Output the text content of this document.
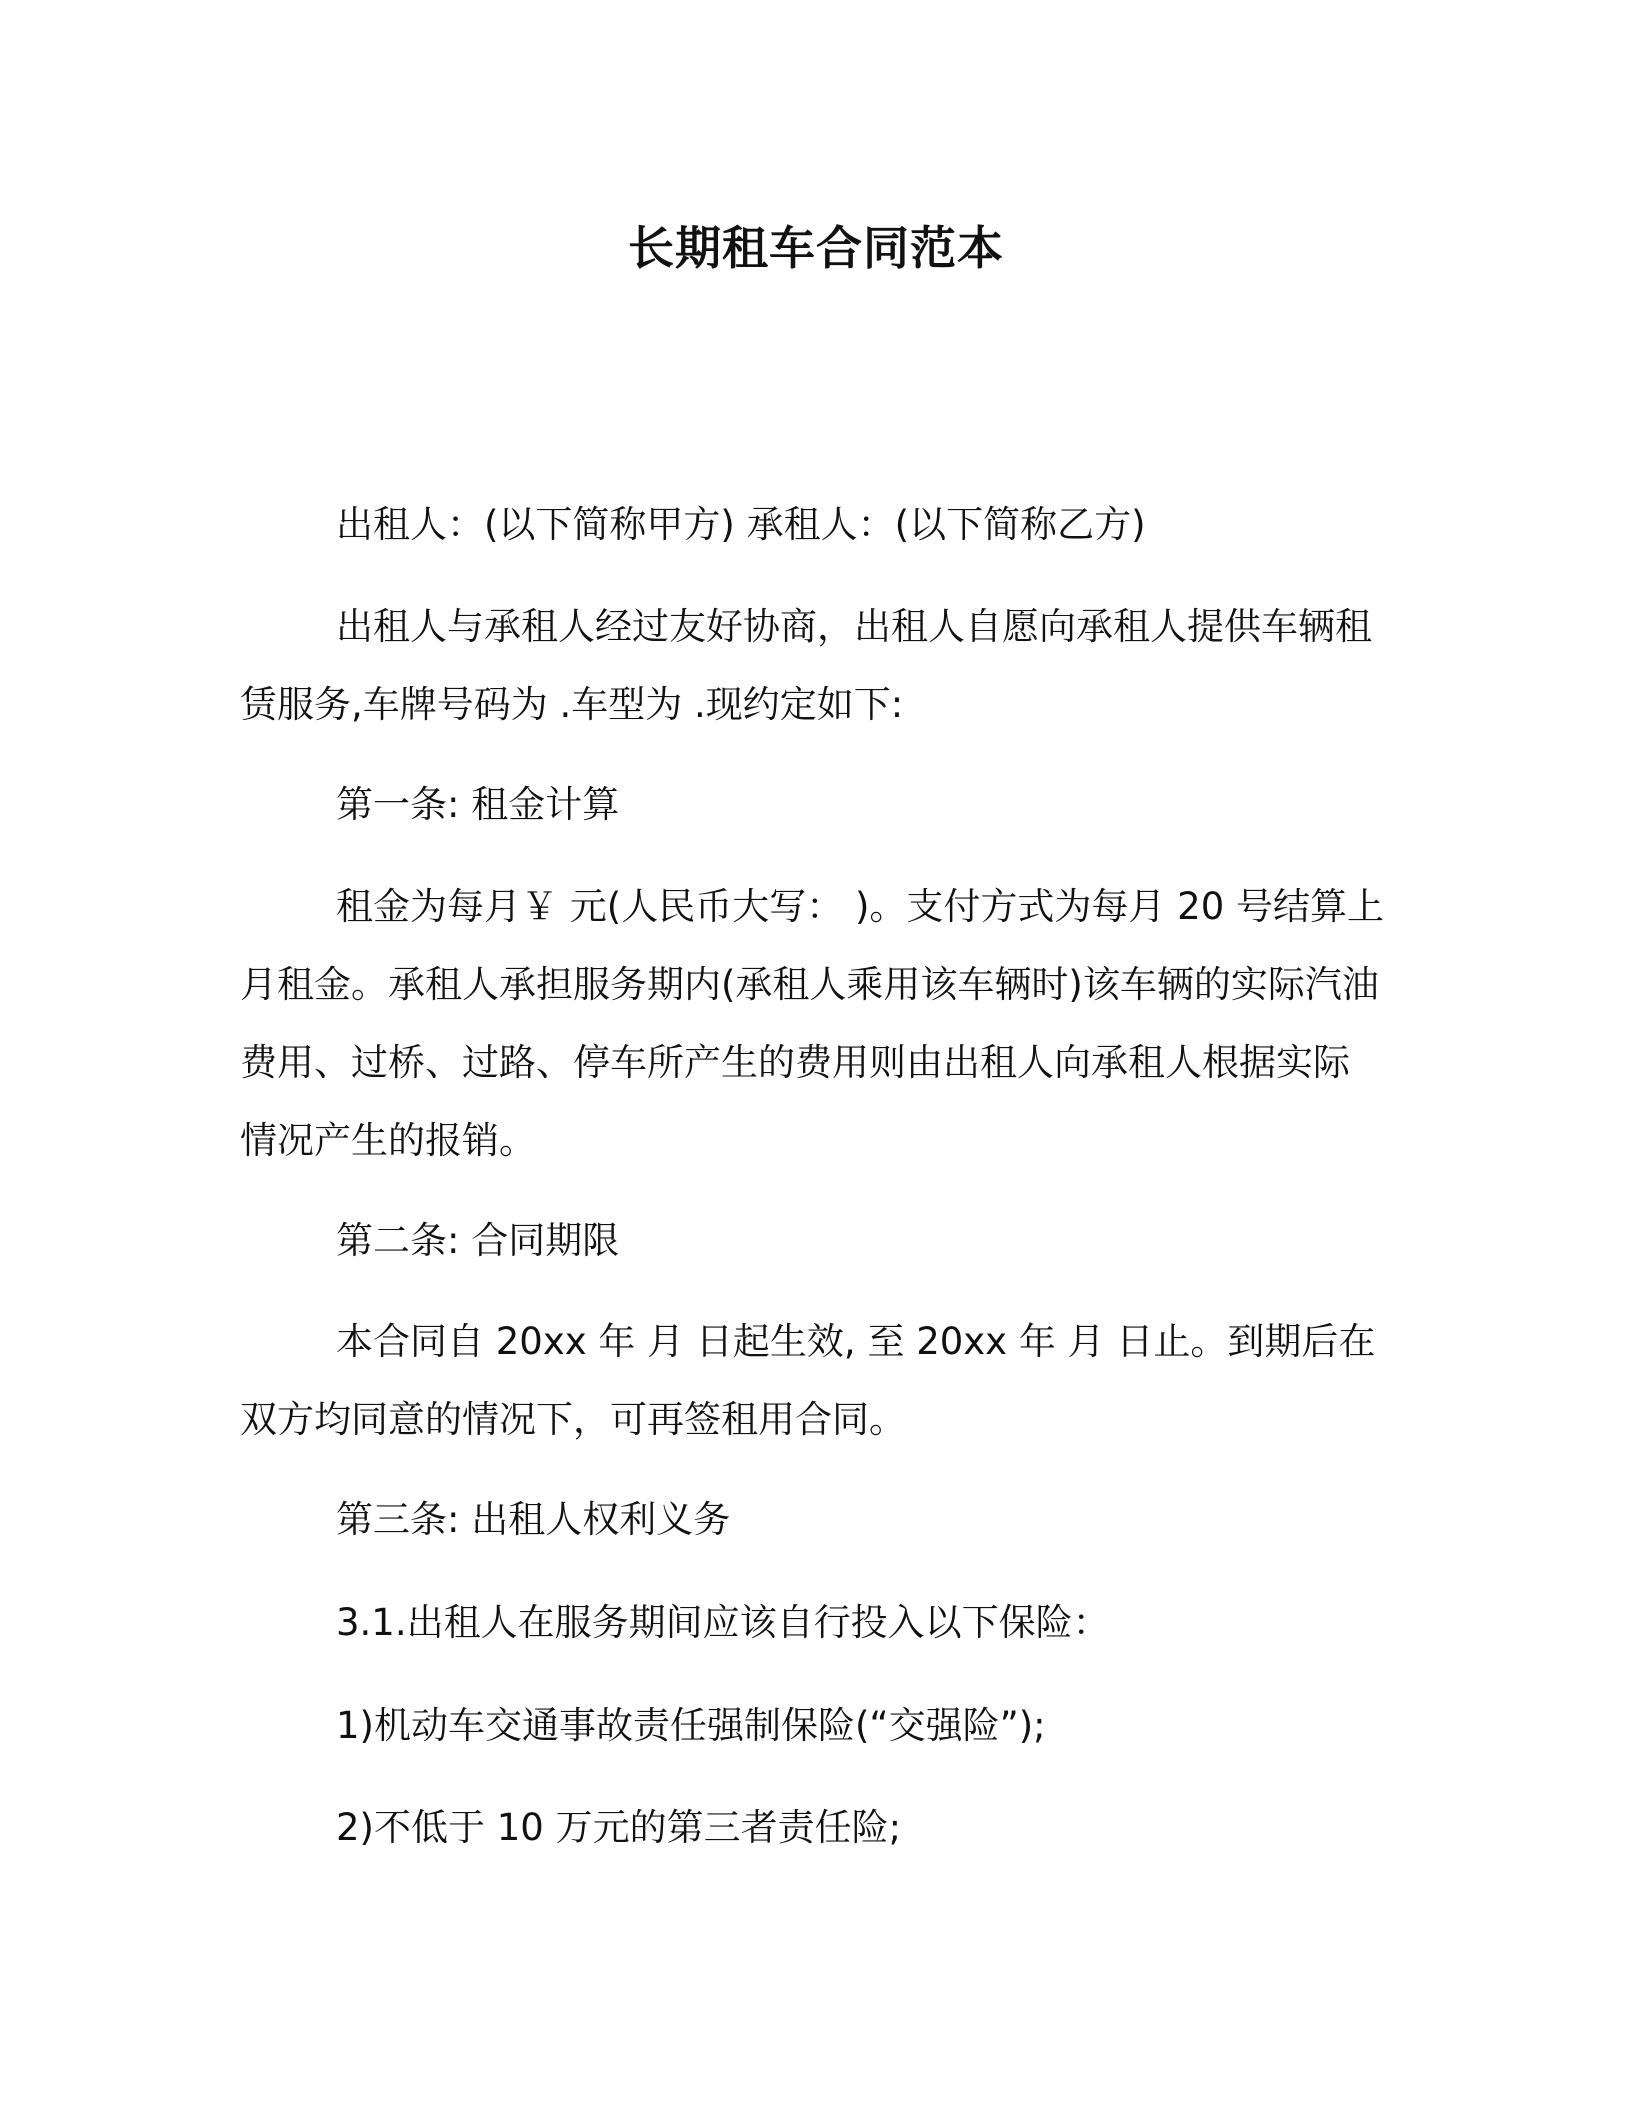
长期租车合同范本

出租人：(以下简称甲方) 承租人：(以下简称乙方)

出租人与承租人经过友好协商，出租人自愿向承租人提供车辆租赁服务,车牌号码为 .车型为 .现约定如下:

第一条: 租金计算

租金为每月￥ 元(人民币大写： )。支付方式为每月 20 号结算上月租金。承租人承担服务期内(承租人乘用该车辆时)该车辆的实际汽油费用、过桥、过路、停车所产生的费用则由出租人向承租人根据实际情况产生的报销。

第二条: 合同期限

本合同自 20xx 年 月 日起生效, 至 20xx 年 月 日止。到期后在双方均同意的情况下，可再签租用合同。

第三条: 出租人权利义务

3.1.出租人在服务期间应该自行投入以下保险：

1)机动车交通事故责任强制保险(“交强险”);

2)不低于 10 万元的第三者责任险;
